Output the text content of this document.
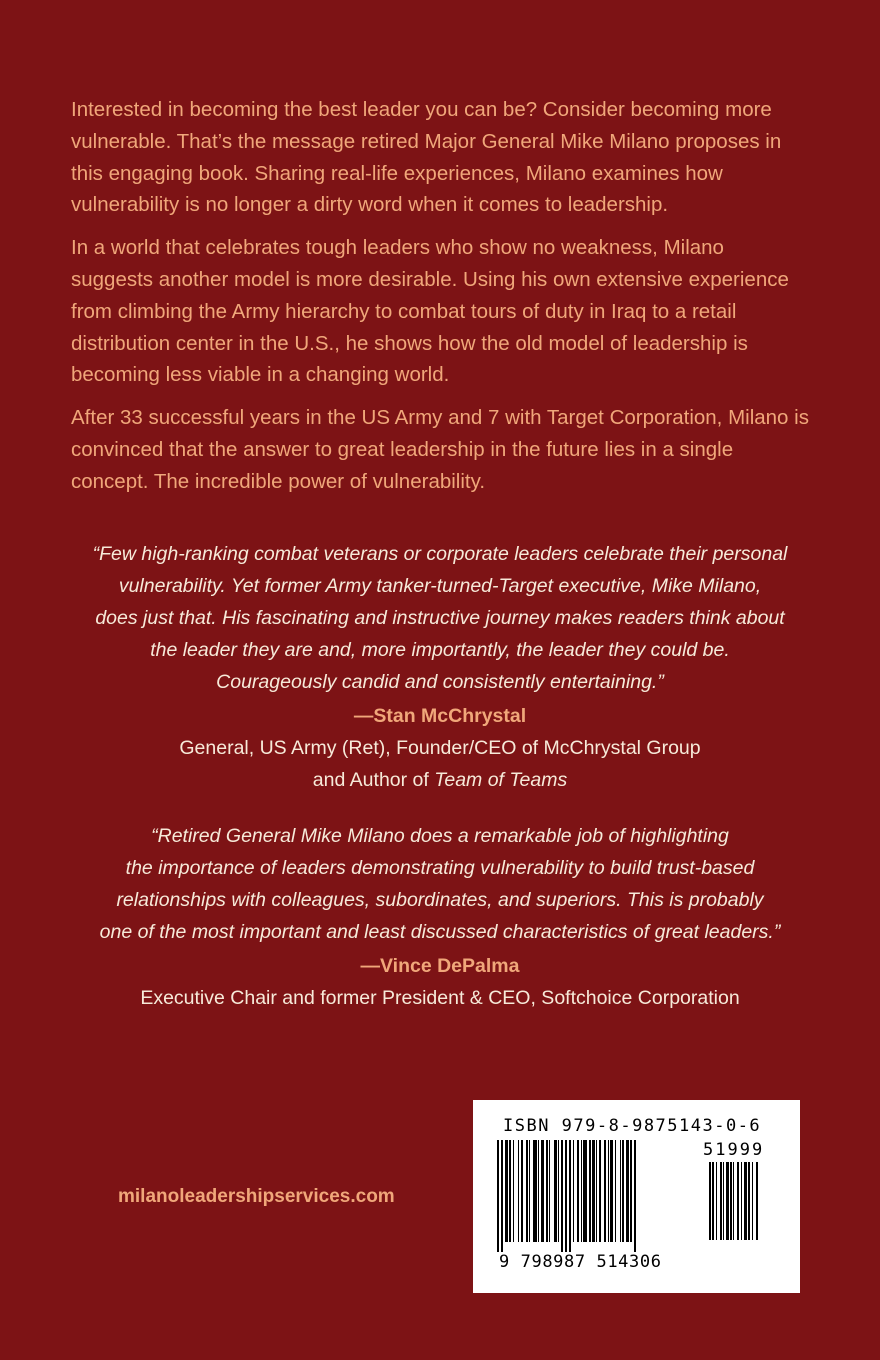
Interested in becoming the best leader you can be? Consider becoming more vulnerable. That’s the message retired Major General Mike Milano proposes in this engaging book. Sharing real-life experiences, Milano examines how vulnerability is no longer a dirty word when it comes to leadership.

In a world that celebrates tough leaders who show no weakness, Milano suggests another model is more desirable. Using his own extensive experience from climbing the Army hierarchy to combat tours of duty in Iraq to a retail distribution center in the U.S., he shows how the old model of leadership is becoming less viable in a changing world.

After 33 successful years in the US Army and 7 with Target Corporation, Milano is convinced that the answer to great leadership in the future lies in a single concept. The incredible power of vulnerability.

“Few high-ranking combat veterans or corporate leaders celebrate their personal

vulnerability. Yet former Army tanker-turned-Target executive, Mike Milano,

does just that. His fascinating and instructive journey makes readers think about

the leader they are and, more importantly, the leader they could be.

Courageously candid and consistently entertaining.”

—Stan McChrystal

General, US Army (Ret), Founder/CEO of McChrystal Group

and Author of Team of Teams

“Retired General Mike Milano does a remarkable job of highlighting

the importance of leaders demonstrating vulnerability to build trust-based

relationships with colleagues, subordinates, and superiors. This is probably

one of the most important and least discussed characteristics of great leaders.”

—Vince DePalma

Executive Chair and former President & CEO, Softchoice Corporation

milanoleadershipservices.com
ISBN 979-8-9875143-0-6
51999
9 798987 514306
